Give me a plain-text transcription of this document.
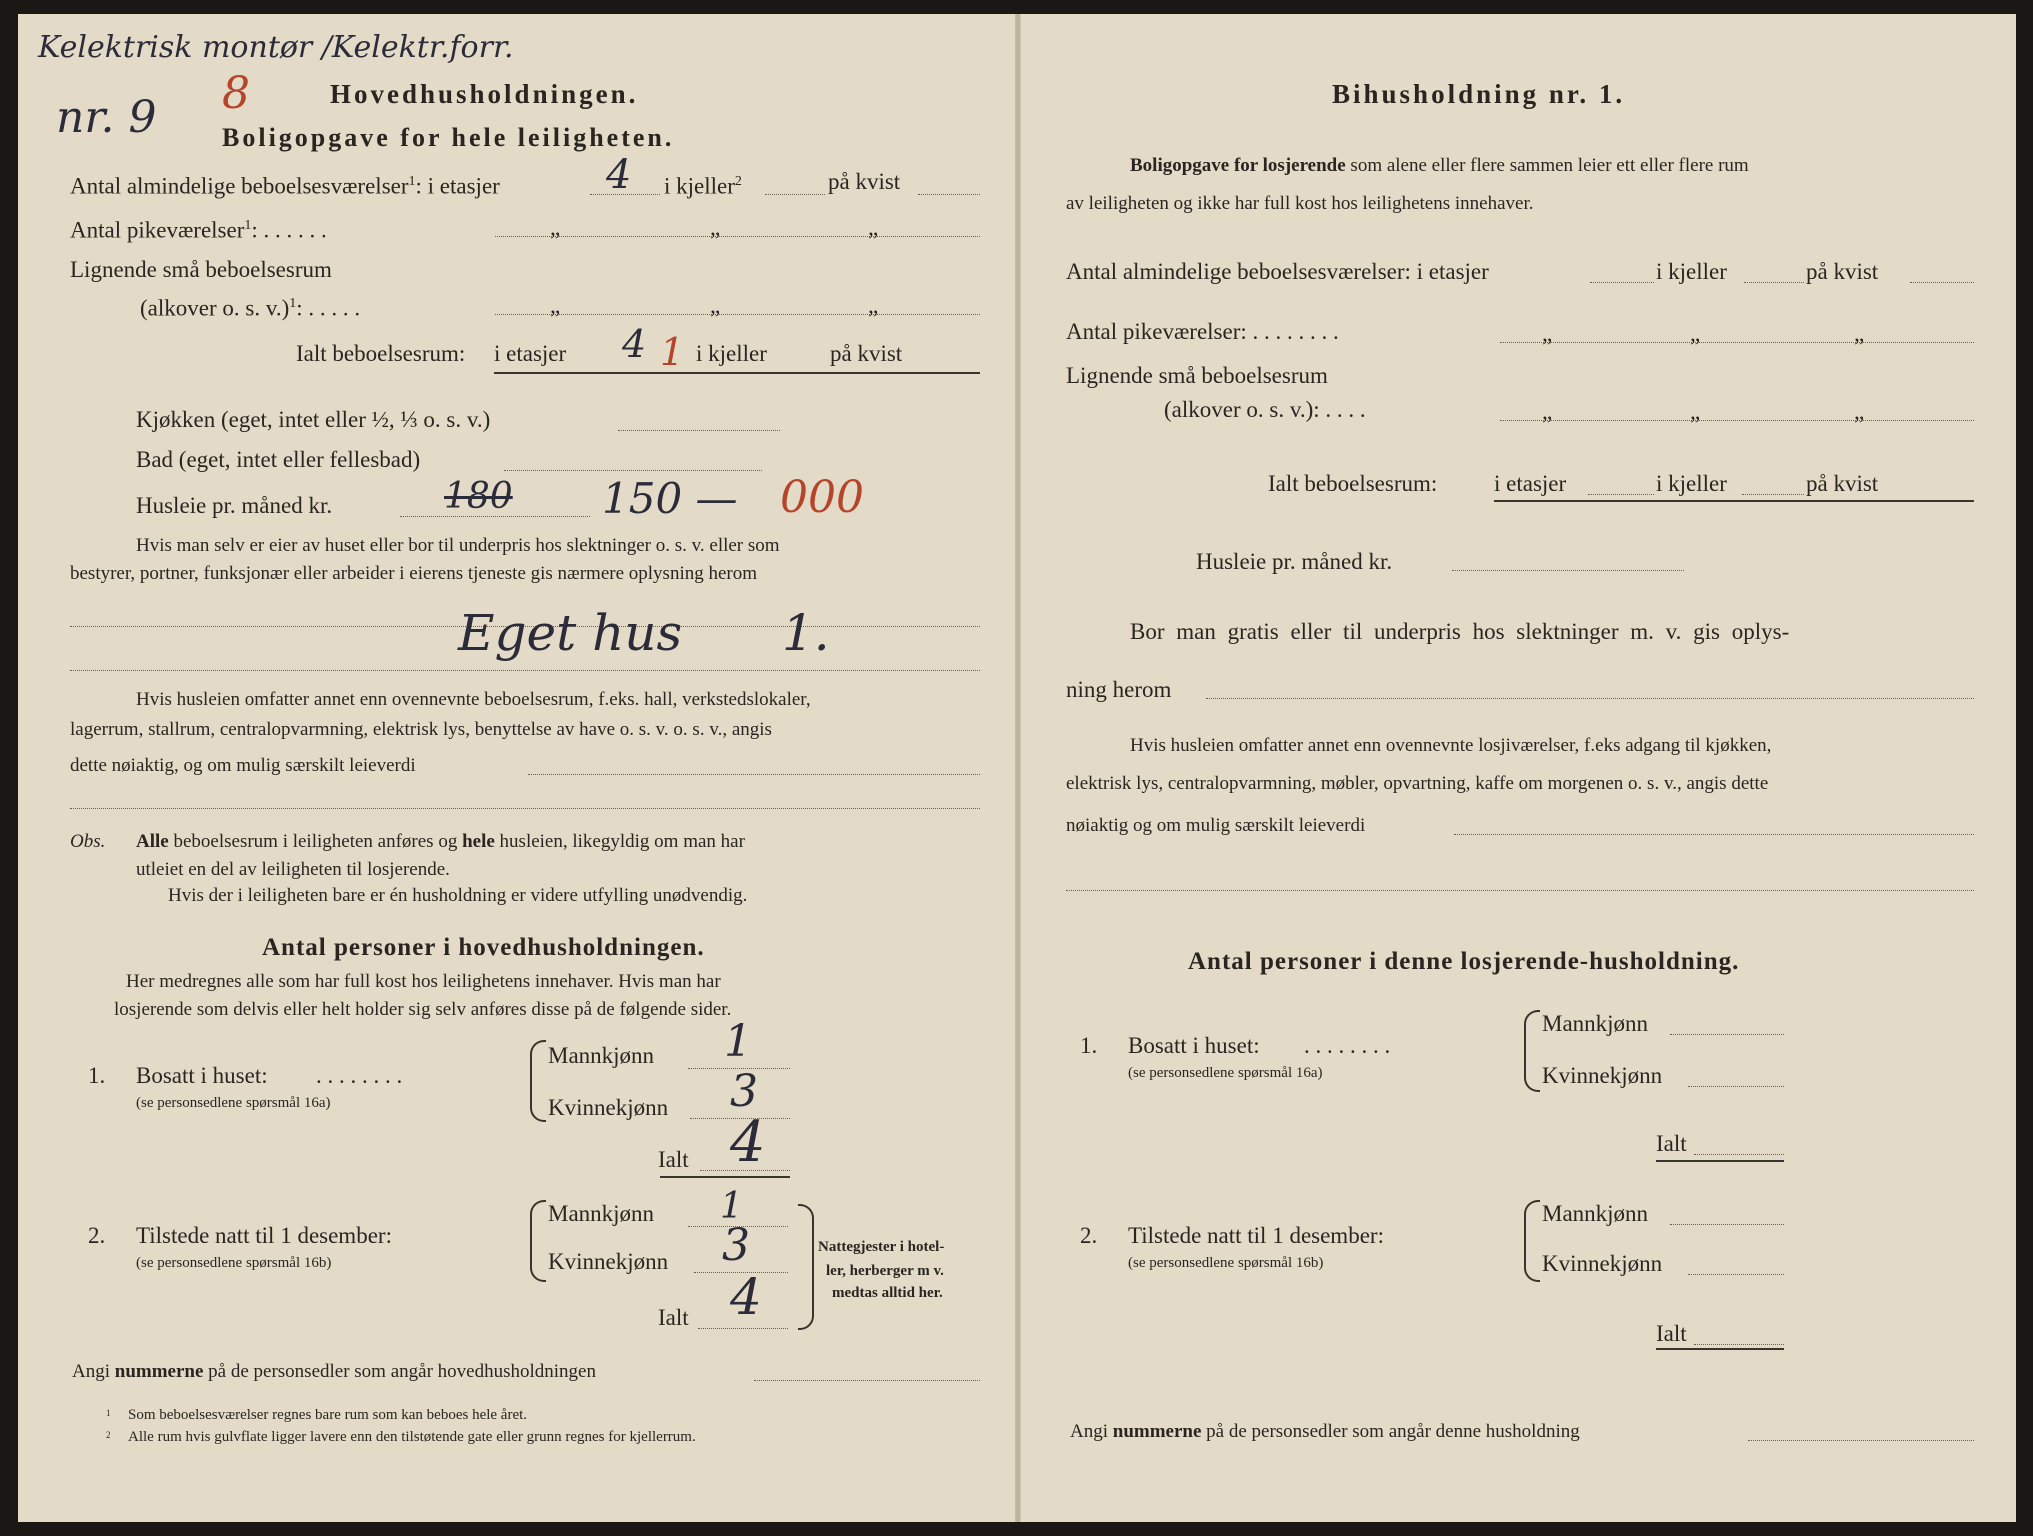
Kelektrisk montør /Kelektr.forr.
nr. 9 8	Hovedhusholdningen.
Boligopgave for hele leiligheten.
Antal almindelige beboelsesværelser$^1$: i etasjer	4 i kjeller$^2$	på kvist
Antal pikeværelser$^1$: . . . . . .	„	„	„
Lignende små beboelsesrum
(alkover o. s. v.)$^1$: . . . . .	„	„	„
Ialt beboelsesrum: i etasjer 4 1 i kjeller	på kvist
Kjøkken (eget, intet eller ½, ⅓ o. s. v.)
Bad (eget, intet eller fellesbad)
Husleie pr. måned kr.	180 150 — 000
Hvis man selv er eier av huset eller bor til underpris hos slektninger o. s. v. eller som
bestyrer, portner, funksjonær eller arbeider i eierens tjeneste gis nærmere oplysning herom
Eget hus 1.
Hvis husleien omfatter annet enn ovennevnte beboelsesrum, f.eks. hall, verkstedslokaler,
lagerrum, stallrum, centralopvarmning, elektrisk lys, benyttelse av have o. s. v. o. s. v., angis
dette nøiaktig, og om mulig særskilt leieverdi
Obs. Alle beboelsesrum i leiligheten anføres og hele husleien, likegyldig om man har
utleiet en del av leiligheten til losjerende.
Hvis der i leiligheten bare er én husholdning er videre utfylling unødvendig.
Antal personer i hovedhusholdningen.
Her medregnes alle som har full kost hos leilighetens innehaver. Hvis man har
losjerende som delvis eller helt holder sig selv anføres disse på de følgende sider.
1. Bosatt i huset: . . . . . . . .
(se personsedlene spørsmål 16a)
Mannkjønn 1
Kvinnekjønn 3
Ialt 4
2. Tilstede natt til 1 desember:
(se personsedlene spørsmål 16b)
Mannkjønn 1
Kvinnekjønn 3
Ialt 4
Nattegjester i hotel-
ler, herberger m v.
medtas alltid her.
Angi nummerne på de personsedler som angår hovedhusholdningen
1 Som beboelsesværelser regnes bare rum som kan beboes hele året.
2 Alle rum hvis gulvflate ligger lavere enn den tilstøtende gate eller grunn regnes for kjellerrum.
Bihusholdning nr. 1.
Boligopgave for losjerende som alene eller flere sammen leier ett eller flere rum
av leiligheten og ikke har full kost hos leilighetens innehaver.
Antal almindelige beboelsesværelser: i etasjer	i kjeller	på kvist
Antal pikeværelser: . . . . . . . .	„	„	„
Lignende små beboelsesrum
(alkover o. s. v.): . . . .	„	„	„
Ialt beboelsesrum: i etasjer	i kjeller	på kvist
Husleie pr. måned kr.
Bor man gratis eller til underpris hos slektninger m. v. gis oplys-
ning herom
Hvis husleien omfatter annet enn ovennevnte losjiværelser, f.eks adgang til kjøkken,
elektrisk lys, centralopvarmning, møbler, opvartning, kaffe om morgenen o. s. v., angis dette
nøiaktig og om mulig særskilt leieverdi
Antal personer i denne losjerende-husholdning.
1. Bosatt i huset: . . . . . . . .
(se personsedlene spørsmål 16a)
Mannkjønn
Kvinnekjønn
Ialt
2. Tilstede natt til 1 desember:
(se personsedlene spørsmål 16b)
Mannkjønn
Kvinnekjønn
Ialt
Angi nummerne på de personsedler som angår denne husholdning
